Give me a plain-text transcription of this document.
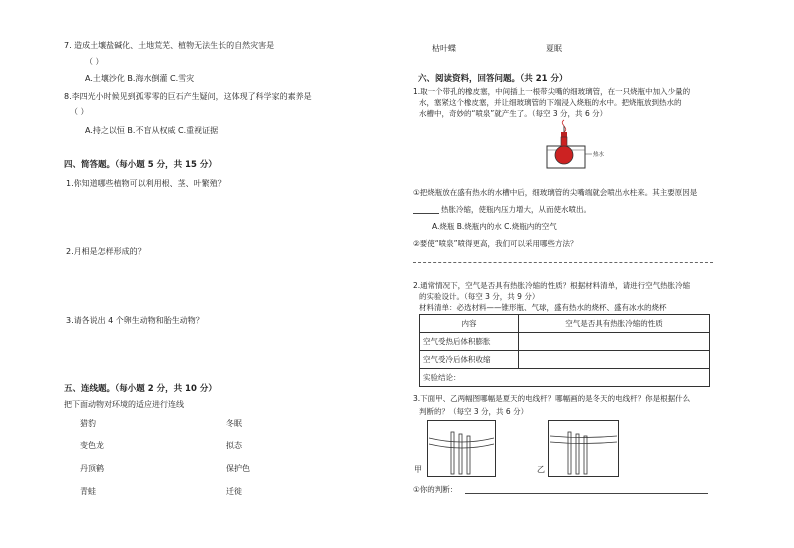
7. 造成土壤盐碱化、土地荒芜、植物无法生长的自然灾害是
（ ）
A.土壤沙化 B.海水倒灌 C.雪灾
8.李四光小时候见到孤零零的巨石产生疑问，这体现了科学家的素养是
（ ）
A.持之以恒 B.不盲从权威 C.重视证据
四、简答题。（每小题 5 分，共 15 分）
1.你知道哪些植物可以利用根、茎、叶繁殖？
2.月相是怎样形成的？
3.请各说出 4 个卵生动物和胎生动物？
五、连线题。（每小题 2 分，共 10 分）
把下面动物对环境的适应进行连线
猎豹
变色龙
丹顶鹤
青蛙
冬眠
拟态
保护色
迁徙
枯叶蝶	夏眠
六、阅读资料，回答问题。（共 21 分）
1.取一个带孔的橡皮塞，中间插上一根带尖嘴的细玻璃管，在一只烧瓶中加入少量的
水，塞紧这个橡皮塞，并让细玻璃管的下端浸入烧瓶的水中。把烧瓶放到热水的
水槽中，奇妙的“喷泉”就产生了。（每空 3 分，共 6 分）
热水
①把烧瓶放在盛有热水的水槽中后，细玻璃管的尖嘴端就会喷出水柱来。其主要原因是
热胀冷缩，使瓶内压力增大，从而使水喷出。
A.烧瓶 B.烧瓶内的水 C.烧瓶内的空气
②要使“喷泉”喷得更高，我们可以采用哪些方法？
2.通常情况下，空气是否具有热胀冷缩的性质？根据材料清单，请进行空气热胀冷缩
的实验设计。（每空 3 分，共 9 分）
材料清单：必选材料——锥形瓶、气球，盛有热水的烧杯、盛有冰水的烧杯
内容	空气是否具有热胀冷缩的性质
空气受热后体积膨胀	
空气受冷后体积收缩	
实验结论：	
3.下面甲、乙两幅图哪幅是夏天的电线杆？哪幅画的是冬天的电线杆？你是根据什么
判断的？（每空 3 分，共 6 分）
甲	乙
①你的判断：
